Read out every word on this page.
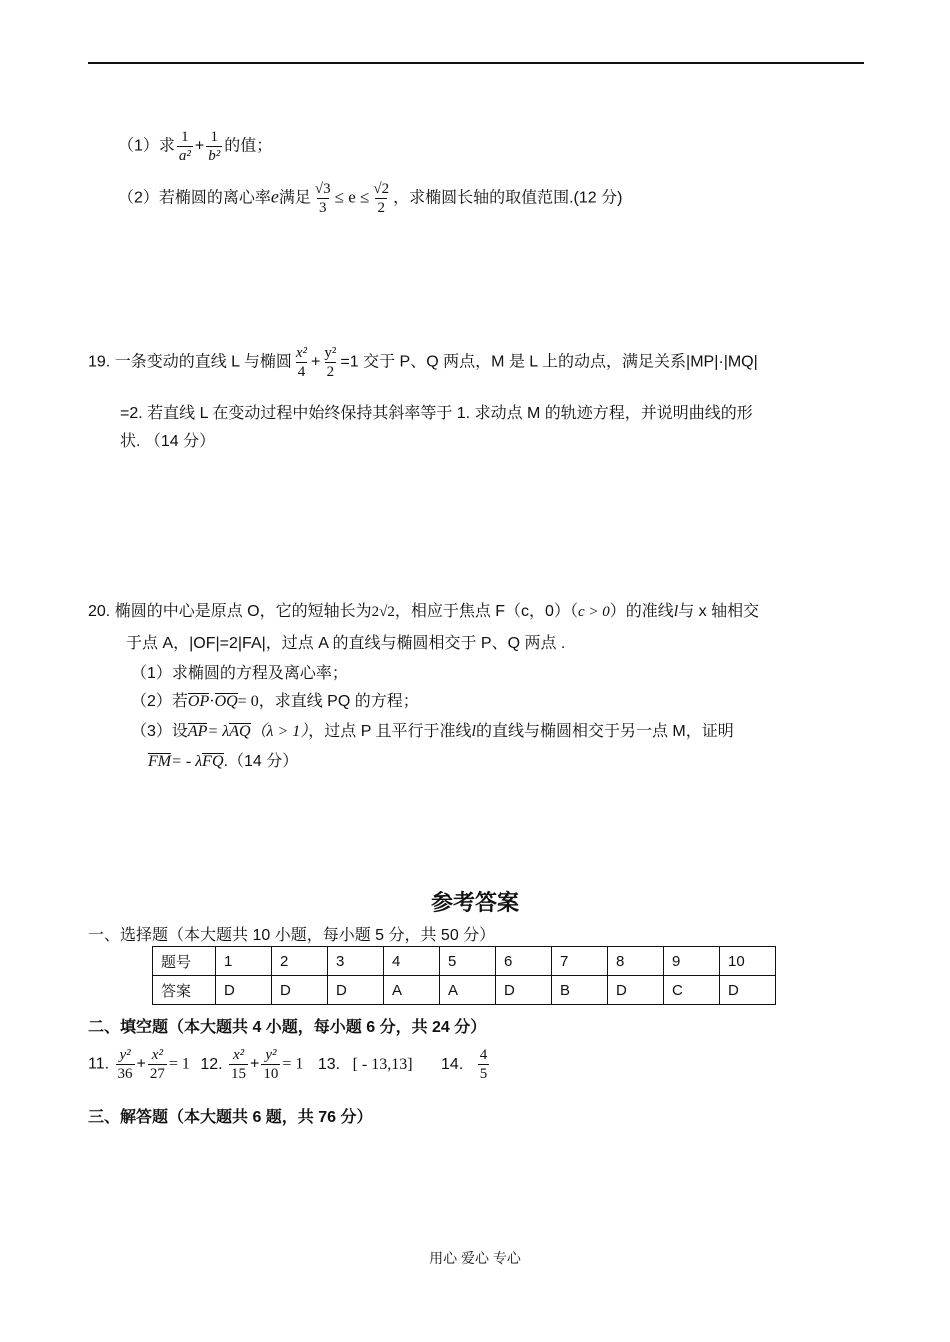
（1）求 $\frac{1}{\text{a²}} + \frac{1}{\text{b²}}$ 的值；
（2）若椭圆的离心率e满足 $\frac{√3}{3} \le e \le \frac{√2}{2}$ ，求椭圆长轴的取值范围.(12 分)
19. 一条变动的直线 L 与椭圆 $\frac{\text{x²}}{4} + \frac{\text{y²}}{2} =1$ 交于 P、Q 两点，M 是 L 上的动点，满足关系|MP|·|MQ|
=2. 若直线 L 在变动过程中始终保持其斜率等于 1. 求动点 M 的轨迹方程，并说明曲线的形
状. （14 分）
20. 椭圆的中心是原点 O，它的短轴长为2√2，相应于焦点 F（c，0）（c > 0）的准线l与 x 轴相交
于点 A，|OF|=2|FA|，过点 A 的直线与椭圆相交于 P、Q 两点 .
（1）求椭圆的方程及离心率；
（2）若OP·OQ= 0，求直线 PQ 的方程；
（3）设AP= λAQ（λ > 1），过点 P 且平行于准线l的直线与椭圆相交于另一点 M，证明
FM= - λFQ.（14 分）
参考答案
一、选择题（本大题共 10 小题，每小题 5 分，共 50 分）
题号	1	2	3	4	5	6	7	8	9	10
答案	D	D	D	A	A	D	B	D	C	D
二、填空题（本大题共 4 小题，每小题 6 分，共 24 分）
11. $\frac{\text{y²}}{36} + \frac{\text{x²}}{27} = 1$ 12. $\frac{\text{x²}}{15} + \frac{\text{y²}}{10} = 1$ 13. [ - 13,13] 14. $\frac{4}{5}$
三、解答题（本大题共 6 题，共 76 分）
用心 爱心 专心
